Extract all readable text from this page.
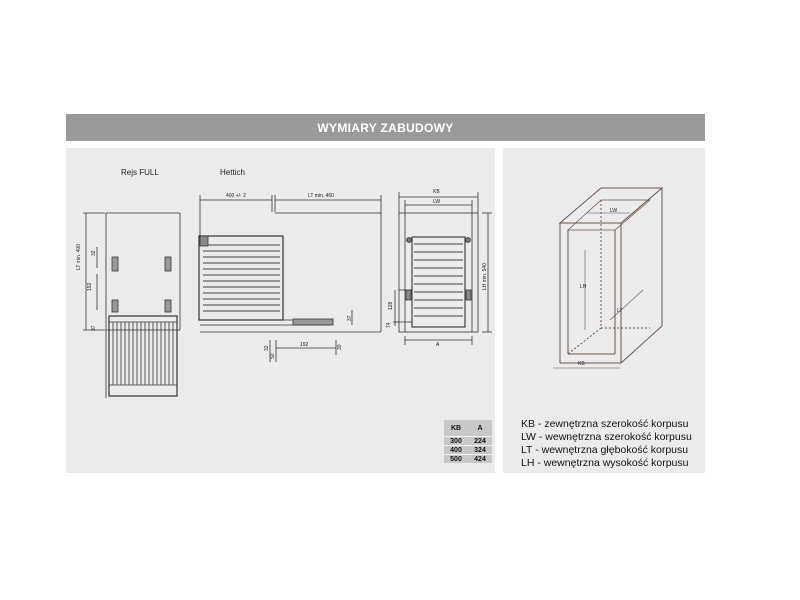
WYMIARY ZABUDOWY
Rejs FULL	Hettich
LT min. 400 32
192
37
400 +/- 2	LT min. 460
37
32
192	30
50
KB
LW
LH min. 540
128
74
A
LW
LH
LT
KB
KB	A
300	224
400	324
500	424
KB - zewnętrzna szerokość korpusu
LW - wewnętrzna szerokość korpusu
LT - wewnętrzna głębokość korpusu
LH - wewnętrzna wysokość korpusu
